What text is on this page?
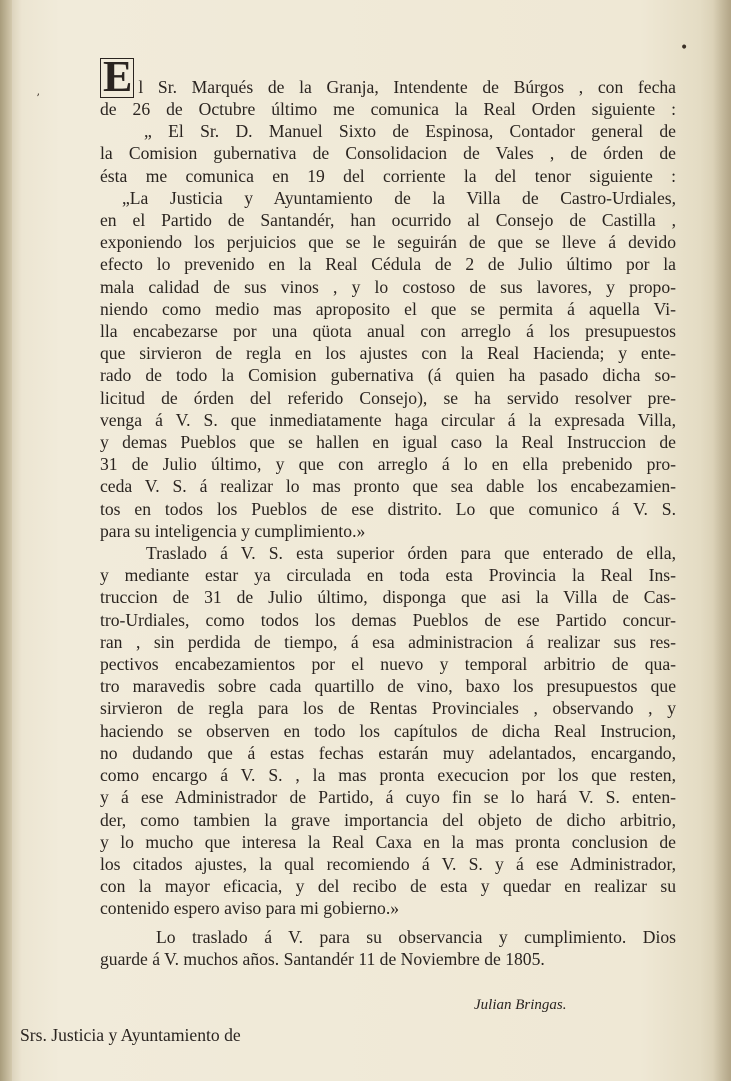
E l Sr. Marqués de la Granja, Intendente de Búrgos , con fecha
de 26 de Octubre último me comunica la Real Orden siguiente :

„ El Sr. D. Manuel Sixto de Espinosa, Contador general de

la Comision gubernativa de Consolidacion de Vales , de órden de
ésta me comunica en 19 del corriente la del tenor siguiente :

„La Justicia y Ayuntamiento de la Villa de Castro-Urdiales,
en el Partido de Santandér, han ocurrido al Consejo de Castilla ,
exponiendo los perjuicios que se le seguirán de que se lleve á devido
efecto lo prevenido en la Real Cédula de 2 de Julio último por la
mala calidad de sus vinos , y lo costoso de sus lavores, y propo-
niendo como medio mas aproposito el que se permita á aquella Vi-
lla encabezarse por una qüota anual con arreglo á los presupuestos
que sirvieron de regla en los ajustes con la Real Hacienda; y ente-
rado de todo la Comision gubernativa (á quien ha pasado dicha so-
licitud de órden del referido Consejo), se ha servido resolver pre-
venga á V. S. que inmediatamente haga circular á la expresada Villa,
y demas Pueblos que se hallen en igual caso la Real Instruccion de
31 de Julio último, y que con arreglo á lo en ella prebenido pro-
ceda V. S. á realizar lo mas pronto que sea dable los encabezamien-
tos en todos los Pueblos de ese distrito. Lo que comunico á V. S.
para su inteligencia y cumplimiento.»

Traslado á V. S. esta superior órden para que enterado de ella,
y mediante estar ya circulada en toda esta Provincia la Real Ins-
truccion de 31 de Julio último, disponga que asi la Villa de Cas-
tro-Urdiales, como todos los demas Pueblos de ese Partido concur-
ran , sin perdida de tiempo, á esa administracion á realizar sus res-
pectivos encabezamientos por el nuevo y temporal arbitrio de qua-
tro maravedis sobre cada quartillo de vino, baxo los presupuestos que
sirvieron de regla para los de Rentas Provinciales , observando , y
haciendo se observen en todo los capítulos de dicha Real Instrucion,
no dudando que á estas fechas estarán muy adelantados, encargando,
como encargo á V. S. , la mas pronta execucion por los que resten,
y á ese Administrador de Partido, á cuyo fin se lo hará V. S. enten-
der, como tambien la grave importancia del objeto de dicho arbitrio,
y lo mucho que interesa la Real Caxa en la mas pronta conclusion de
los citados ajustes, la qual recomiendo á V. S. y á ese Administrador,
con la mayor eficacia, y del recibo de esta y quedar en realizar su
contenido espero aviso para mi gobierno.»

Lo traslado á V. para su observancia y cumplimiento. Dios
guarde á V. muchos años. Santandér 11 de Noviembre de 1805.

Julian Bringas.
Srs. Justicia y Ayuntamiento de
•
ʼ
